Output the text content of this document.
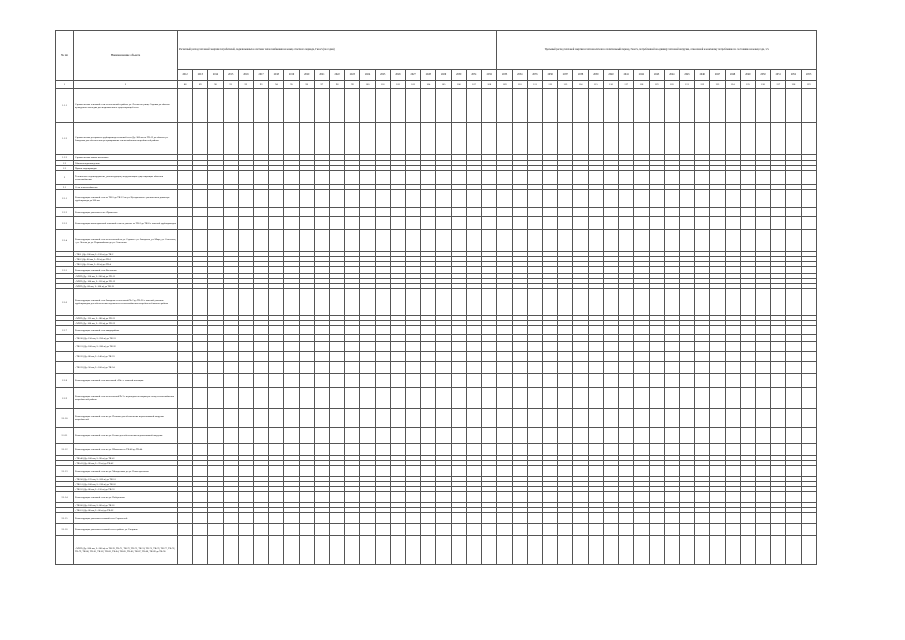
№ пп	Наименование объекта	Расчетный расход тепловой энергии потребителей, подключенных к системе теплоснабжения на конец отчетного периода, Гкал/ч (по годам)																					Удельный расход тепловой энергии и теплоносителя в отопительный период, Гкал/ч, потребленной на единицу тепловой нагрузки, отнесенной к конечному потреблению по состоянию на конец года, т/ч																				
		2012	2013	2014	2015	2016	2017	2018	2019	2020	2021	2022	2023	2024	2025	2026	2027	2028	2029	2030	2031	2032	2033	2034	2035	2036	2037	2038	2039	2040	2041	2042	2043	2044	2045	2046	2047	2048	2049	2050	2051	2052	2053
1	2	88	89	90	91	92	93	94	95	96	97	98	99	100	101	102	103	104	105	106	107	108	109	110	111	112	113	114	115	116	117	118	119	120	121	122	123	124	125	126	127	128	129
1.1.1	Строительство тепловой сети от котельной в районе ул. Лесная по улице Садовая до объекта культурного наследия для подключения к существующей сети																																										
1.1.2	Строительство резервного трубопровода тепловой сети Ду=300 мм от ТК-12 до объекта ул. Заводская для обеспечения резервирования теплоснабжения потребителей района																																										
1.1.3	Строительство новых котельных																																										
1.2	Объекты водоотведения																																										
1.3	Прочие водопроводы																																										
2	Техническое перевооружение, реконструкция, модернизация существующих объектов теплоснабжения																																										
2.1	Сети теплоснабжения																																										
2.1.1	Реконструкция тепловой сети от ТК-5 до ТК-12 по ул. Центральная с увеличением диаметра трубопровода до 200 мм																																										
2.1.2	Реконструкция участков сети «Промзона»																																										
2.1.3	Реконструкция магистральной тепловой сети на участке от ТК-2 до ТК-8 с заменой трубопроводов																																										
2.1.4	Реконструкция тепловой сети от котельной по ул. Садовая - ул. Заводская, ул. Мира, ул. Советская, - ул. Лесная до ул. Первомайская до ул. Солнечная																																										
	- ТК-1 (Ду=100 мм, L=120 м) до ТК-2																																										
	- ТК-2 (Ду=80 мм, L=90 м) до ТК-3																																										
	- ТК-3 (Ду=50 мм, L=60 м) до ТК-4																																										
2.1.5	Реконструкция тепловой сети Восточная																																										
	- МУП (Ду=150 мм, L=200 м) до ТК-11																																										
	- МУП (Ду=100 мм, L=150 м) до ТК-12																																										
	- МУП (Ду=80 мм, L=100 м) до ТК-13																																										
2.1.6	Реконструкция тепловой сети Западная от котельной № 2 до ТК-20 с заменой участков трубопроводов для обеспечения надежности теплоснабжения потребителей жилого района																																										
	- МУП (Ду=125 мм, L=180 м) до ТК-21																																										
	- МУП (Ду=100 мм, L=120 м) до ТК-22																																										
2.1.7	Реконструкция тепловой сети микрорайона																																										
	- ТК-30 (Ду=150 мм, L=250 м) до ТК-31																																										
	- ТК-31 (Ду=100 мм, L=180 м) до ТК-32																																										
	- ТК-32 (Ду=80 мм, L=140 м) до ТК-33																																										
	- ТК-33 (Ду=50 мм, L=100 м) до ТК-34																																										
2.1.8	Реконструкция тепловой сети котельной «Юг» с заменой изоляции																																										
2.1.9	Реконструкция тепловой сети от котельной № 3 с переводом на закрытую схему теплоснабжения потребителей района																																										
2.1.10	Реконструкция тепловой сети по ул. Полевая для обеспечения перспективной нагрузки потребителей																																										
2.1.11	Реконструкция тепловой сети по ул. Речная для обеспечения перспективной нагрузки																																										
2.1.12	Реконструкция тепловой сети по ул. Школьная от ТК-40 до ТК-44																																										
	- ТК-40 (Ду=100 мм, L=90 м) до ТК-41																																										
	- ТК-41 (Ду=80 мм, L=70 м) до ТК-42																																										
2.1.13	Реконструкция тепловой сети по ул. Молодежная до ул. Новостроевская																																										
	- ТК-50 (Ду=125 мм, L=160 м) до ТК-51																																										
	- ТК-51 (Ду=100 мм, L=130 м) до ТК-52																																										
	- ТК-52 (Ду=80 мм, L=110 м) до ТК-53																																										
2.1.14	Реконструкция тепловой сети по ул. Набережная																																										
	- ТК-60 (Ду=100 мм, L=80 м) до ТК-61																																										
	- ТК-61 (Ду=80 мм, L=60 м) до ТК-62																																										
2.1.15	Реконструкция участков тепловой сети Строителей																																										
2.1.16	Реконструкция участков тепловой сети в районе ул. Гагарина																																										
	- МУП (Ду=200 мм, L=300 м) от ТК-70, ТК-71, ТК-72, ТК-73, ТК-74, ТК-75, ТК-76, ТК-77, ТК-78, ТК-79, ТК-80, ТК-81, ТК-82, ТК-83, ТК-84, ТК-85, ТК-86, ТК-87, ТК-88, ТК-89 до ТК-90																																										
